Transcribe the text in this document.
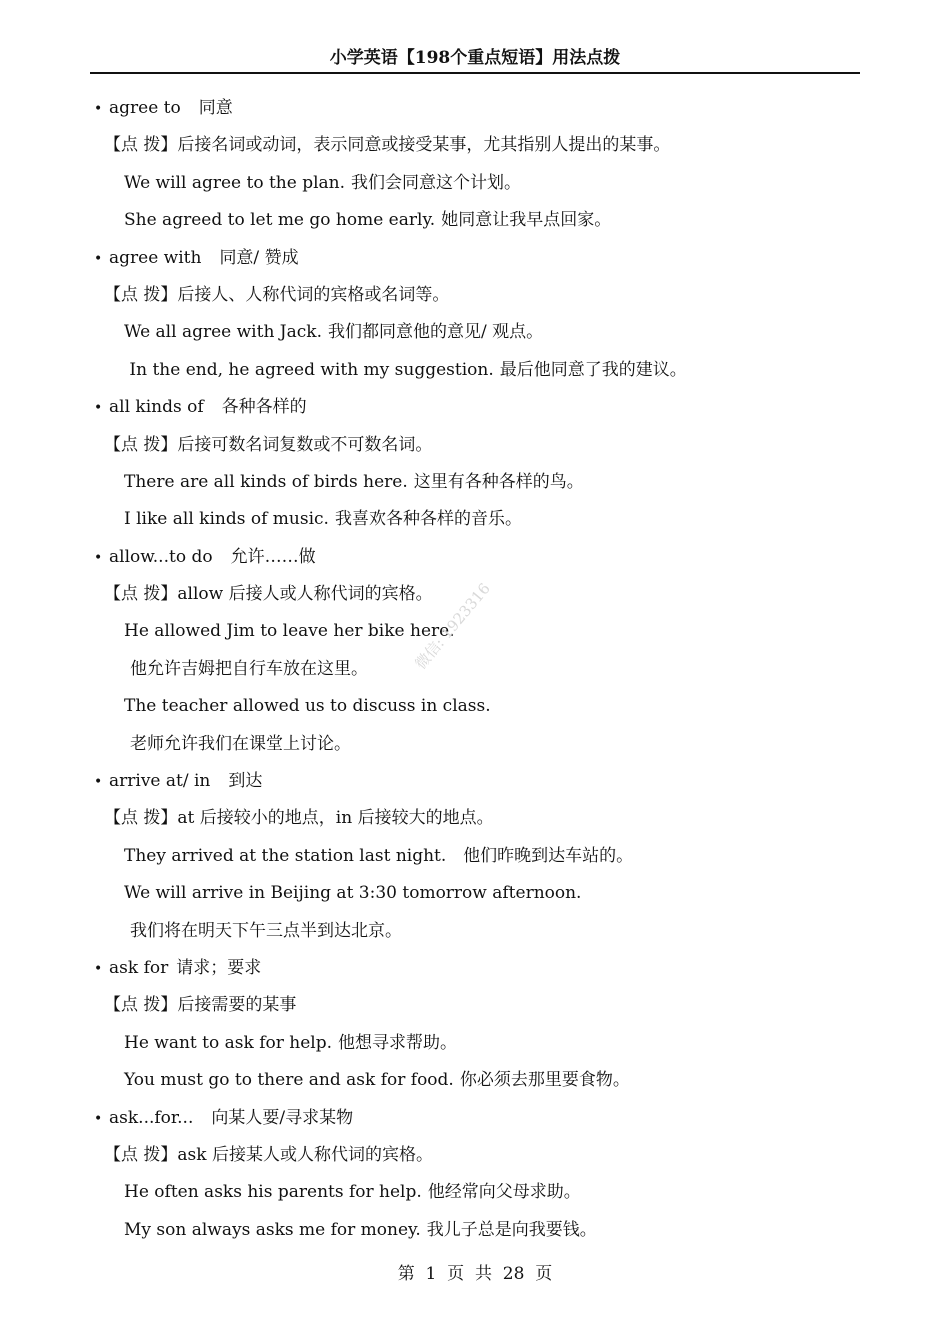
小学英语【198个重点短语】用法点拨
• agree to 同意
【点 拨】后接名词或动词，表示同意或接受某事，尤其指别人提出的某事。
We will agree to the plan. 我们会同意这个计划。
She agreed to let me go home early. 她同意让我早点回家。
• agree with 同意/ 赞成
【点 拨】后接人、人称代词的宾格或名词等。
We all agree with Jack. 我们都同意他的意见/ 观点。
In the end, he agreed with my suggestion. 最后他同意了我的建议。
• all kinds of 各种各样的
【点 拨】后接可数名词复数或不可数名词。
There are all kinds of birds here. 这里有各种各样的鸟。
I like all kinds of music. 我喜欢各种各样的音乐。
• allow...to do 允许……做
【点 拨】allow 后接人或人称代词的宾格。
He allowed Jim to leave her bike here.
他允许吉姆把自行车放在这里。
The teacher allowed us to discuss in class.
老师允许我们在课堂上讨论。
• arrive at/ in 到达
【点 拨】at 后接较小的地点，in 后接较大的地点。
They arrived at the station last night.  他们昨晚到达车站的。
We will arrive in Beijing at 3:30 tomorrow afternoon.
我们将在明天下午三点半到达北京。
• ask for 请求；要求
【点 拨】后接需要的某事
He want to ask for help. 他想寻求帮助。
You must go to there and ask for food. 你必须去那里要食物。
• ask...for... 向某人要/寻求某物
【点 拨】ask 后接某人或人称代词的宾格。
He often asks his parents for help. 他经常向父母求助。
My son always asks me for money. 我儿子总是向我要钱。
微信: 1923316
第  1  页  共  28  页
